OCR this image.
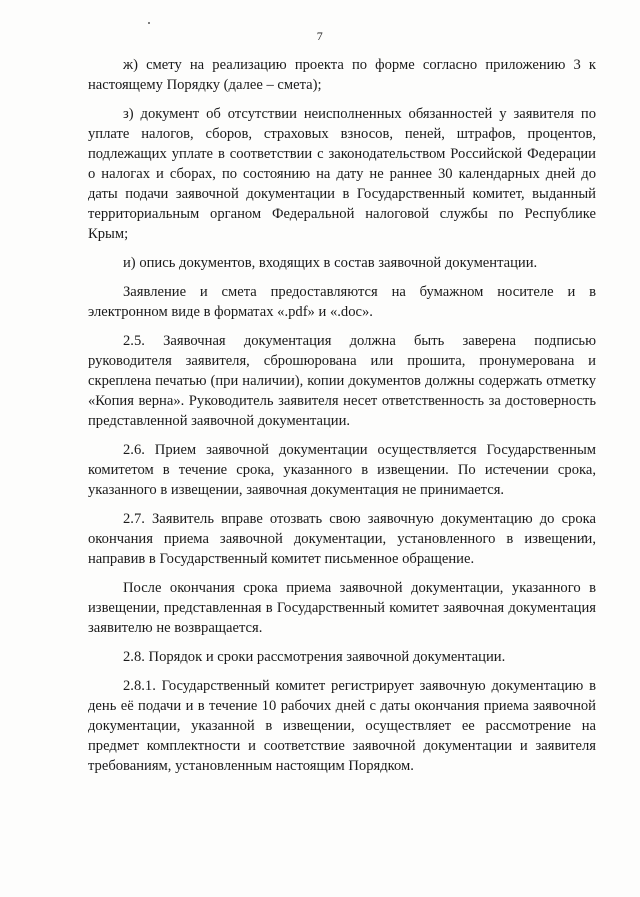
7

ж) смету на реализацию проекта по форме согласно приложению 3 к настоящему Порядку (далее – смета);

з) документ об отсутствии неисполненных обязанностей у заявителя по уплате налогов, сборов, страховых взносов, пеней, штрафов, процентов, подлежащих уплате в соответствии с законодательством Российской Федерации о налогах и сборах, по состоянию на дату не раннее 30 календарных дней до даты подачи заявочной документации в Государственный комитет, выданный территориальным органом Федеральной налоговой службы по Республике Крым;

и) опись документов, входящих в состав заявочной документации.

Заявление и смета предоставляются на бумажном носителе и в электронном виде в форматах «.pdf» и «.doc».

2.5. Заявочная документация должна быть заверена подписью руководителя заявителя, сброшюрована или прошита, пронумерована и скреплена печатью (при наличии), копии документов должны содержать отметку «Копия верна». Руководитель заявителя несет ответственность за достоверность представленной заявочной документации.

2.6. Прием заявочной документации осуществляется Государственным комитетом в течение срока, указанного в извещении. По истечении срока, указанного в извещении, заявочная документация не принимается.

2.7. Заявитель вправе отозвать свою заявочную документацию до срока окончания приема заявочной документации, установленного в извещении, направив в Государственный комитет письменное обращение.

После окончания срока приема заявочной документации, указанного в извещении, представленная в Государственный комитет заявочная документация заявителю не возвращается.

2.8. Порядок и сроки рассмотрения заявочной документации.

2.8.1. Государственный комитет регистрирует заявочную документацию в день её подачи и в течение 10 рабочих дней с даты окончания приема заявочной документации, указанной в извещении, осуществляет ее рассмотрение на предмет комплектности и соответствие заявочной документации и заявителя требованиям, установленным настоящим Порядком.
